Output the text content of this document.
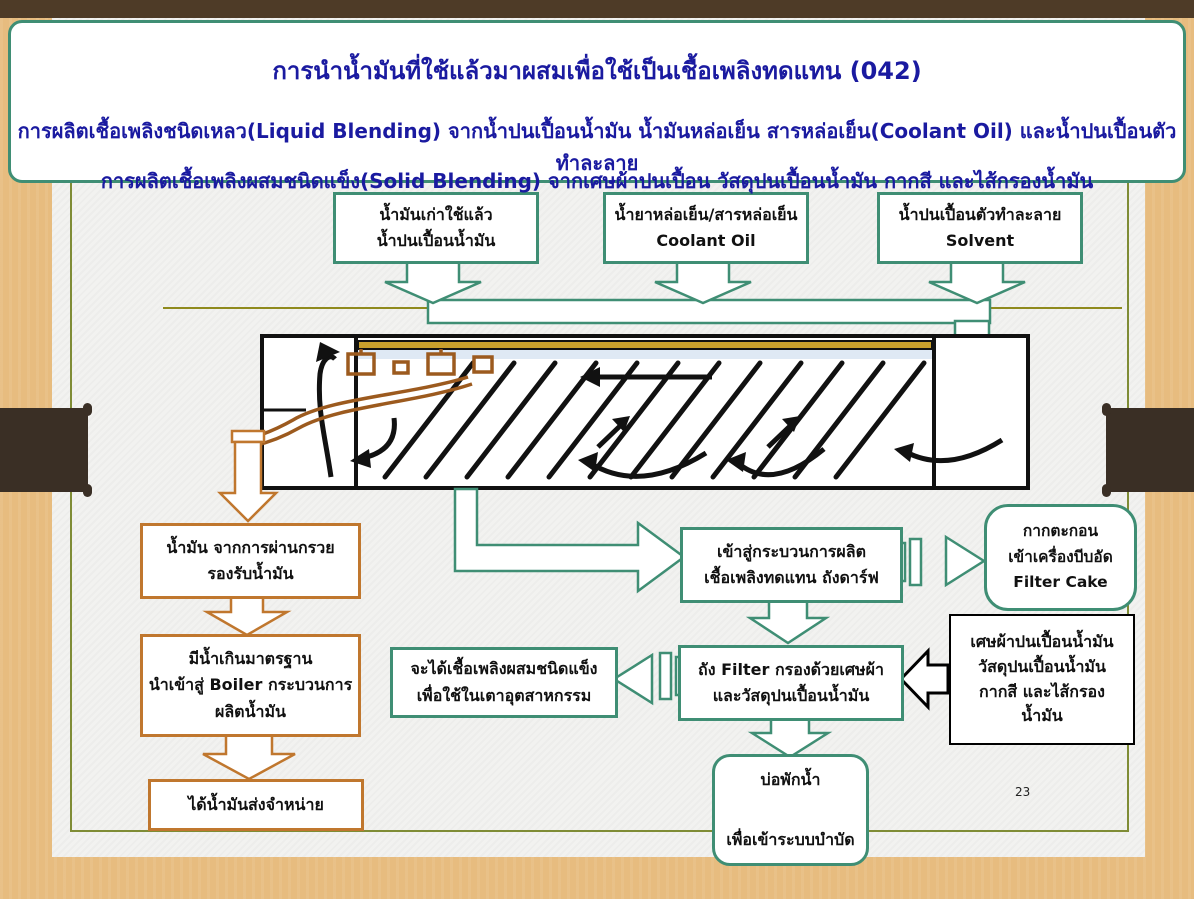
การนำน้ำมันที่ใช้แล้วมาผสมเพื่อใช้เป็นเชื้อเพลิงทดแทน (042)
การผลิตเชื้อเพลิงชนิดเหลว(Liquid Blending) จากน้ำปนเปื้อนน้ำมัน น้ำมันหล่อเย็น สารหล่อเย็น(Coolant Oil) และน้ำปนเปื้อนตัวทำละลาย
การผลิตเชื้อเพลิงผสมชนิดแข็ง(Solid Blending) จากเศษผ้าปนเปื้อน วัสดุปนเปื้อนน้ำมัน กากสี และไส้กรองน้ำมัน
น้ำมันเก่าใช้แล้ว
น้ำปนเปื้อนน้ำมัน
น้ำยาหล่อเย็น/สารหล่อเย็น
Coolant Oil
น้ำปนเปื้อนตัวทำละลาย
Solvent
น้ำมัน จากการผ่านกรวย
รองรับน้ำมัน
มีน้ำเกินมาตรฐาน
นำเข้าสู่ Boiler กระบวนการ
ผลิตน้ำมัน
ได้น้ำมันส่งจำหน่าย
เข้าสู่กระบวนการผลิต
เชื้อเพลิงทดแทน ถังดาร์ฟ
กากตะกอน
เข้าเครื่องบีบอัด
Filter Cake
ถัง Filter กรองด้วยเศษผ้า
และวัสดุปนเปื้อนน้ำมัน
จะได้เชื้อเพลิงผสมชนิดแข็ง
เพื่อใช้ในเตาอุตสาหกรรม
เศษผ้าปนเปื้อนน้ำมัน
วัสดุปนเปื้อนน้ำมัน
กากสี และไส้กรอง
น้ำมัน
บ่อพักน้ำ
เพื่อเข้าระบบบำบัด
23
